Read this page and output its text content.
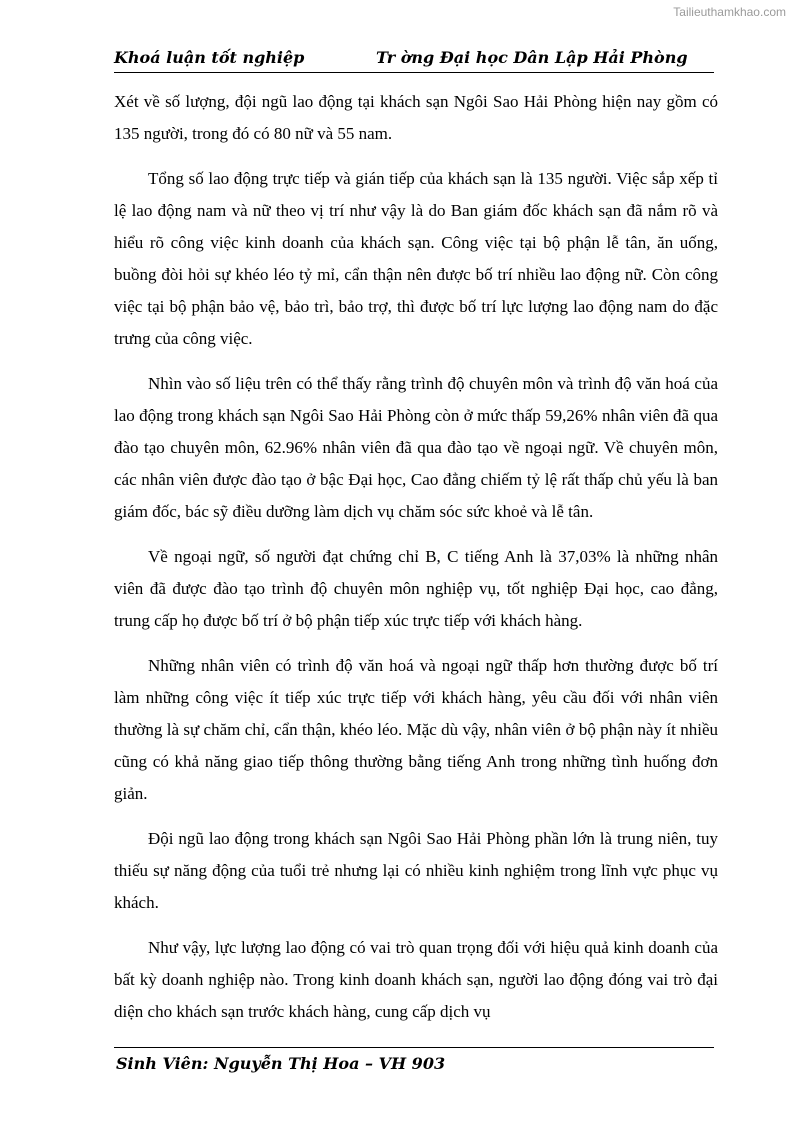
Tailieuthamkhao.com
Khoá luận tốt nghiệp	Tr ờng Đại học Dân Lập Hải Phòng

Xét về số lượng, đội ngũ lao động tại khách sạn Ngôi Sao Hải Phòng hiện nay gồm có 135 người, trong đó có 80 nữ và 55 nam.

Tổng số lao động trực tiếp và gián tiếp của khách sạn là 135 người. Việc sắp xếp tỉ lệ lao động nam và nữ theo vị trí như vậy là do Ban giám đốc khách sạn đã nắm rõ và hiểu rõ công việc kinh doanh của khách sạn. Công việc tại bộ phận lễ tân, ăn uống, buồng đòi hỏi sự khéo léo tỷ mỉ, cẩn thận nên được bố trí nhiều lao động nữ. Còn công việc tại bộ phận bảo vệ, bảo trì, bảo trợ, thì được bố trí lực lượng lao động nam do đặc trưng của công việc.

Nhìn vào số liệu trên có thể thấy rằng trình độ chuyên môn và trình độ văn hoá của lao động trong khách sạn Ngôi Sao Hải Phòng còn ở mức thấp 59,26% nhân viên đã qua đào tạo chuyên môn, 62.96% nhân viên đã qua đào tạo về ngoại ngữ. Về chuyên môn, các nhân viên được đào tạo ở bậc Đại học, Cao đẳng chiếm tỷ lệ rất thấp chủ yếu là ban giám đốc, bác sỹ điều dưỡng làm dịch vụ chăm sóc sức khoẻ và lễ tân.

Về ngoại ngữ, số người đạt chứng chỉ B, C tiếng Anh là 37,03% là những nhân viên đã được đào tạo trình độ chuyên môn nghiệp vụ, tốt nghiệp Đại học, cao đẳng, trung cấp họ được bố trí ở bộ phận tiếp xúc trực tiếp với khách hàng.

Những nhân viên có trình độ văn hoá và ngoại ngữ thấp hơn thường được bố trí làm những công việc ít tiếp xúc trực tiếp với khách hàng, yêu cầu đối với nhân viên thường là sự chăm chỉ, cẩn thận, khéo léo. Mặc dù vậy, nhân viên ở bộ phận này ít nhiều cũng có khả năng giao tiếp thông thường bằng tiếng Anh trong những tình huống đơn giản.

Đội ngũ lao động trong khách sạn Ngôi Sao Hải Phòng phần lớn là trung niên, tuy thiếu sự năng động của tuổi trẻ nhưng lại có nhiều kinh nghiệm trong lĩnh vực phục vụ khách.

Như vậy, lực lượng lao động có vai trò quan trọng đối với hiệu quả kinh doanh của bất kỳ doanh nghiệp nào. Trong kinh doanh khách sạn, người lao động đóng vai trò đại diện cho khách sạn trước khách hàng, cung cấp dịch vụ

Sinh Viên: Nguyễn Thị Hoa – VH 903
